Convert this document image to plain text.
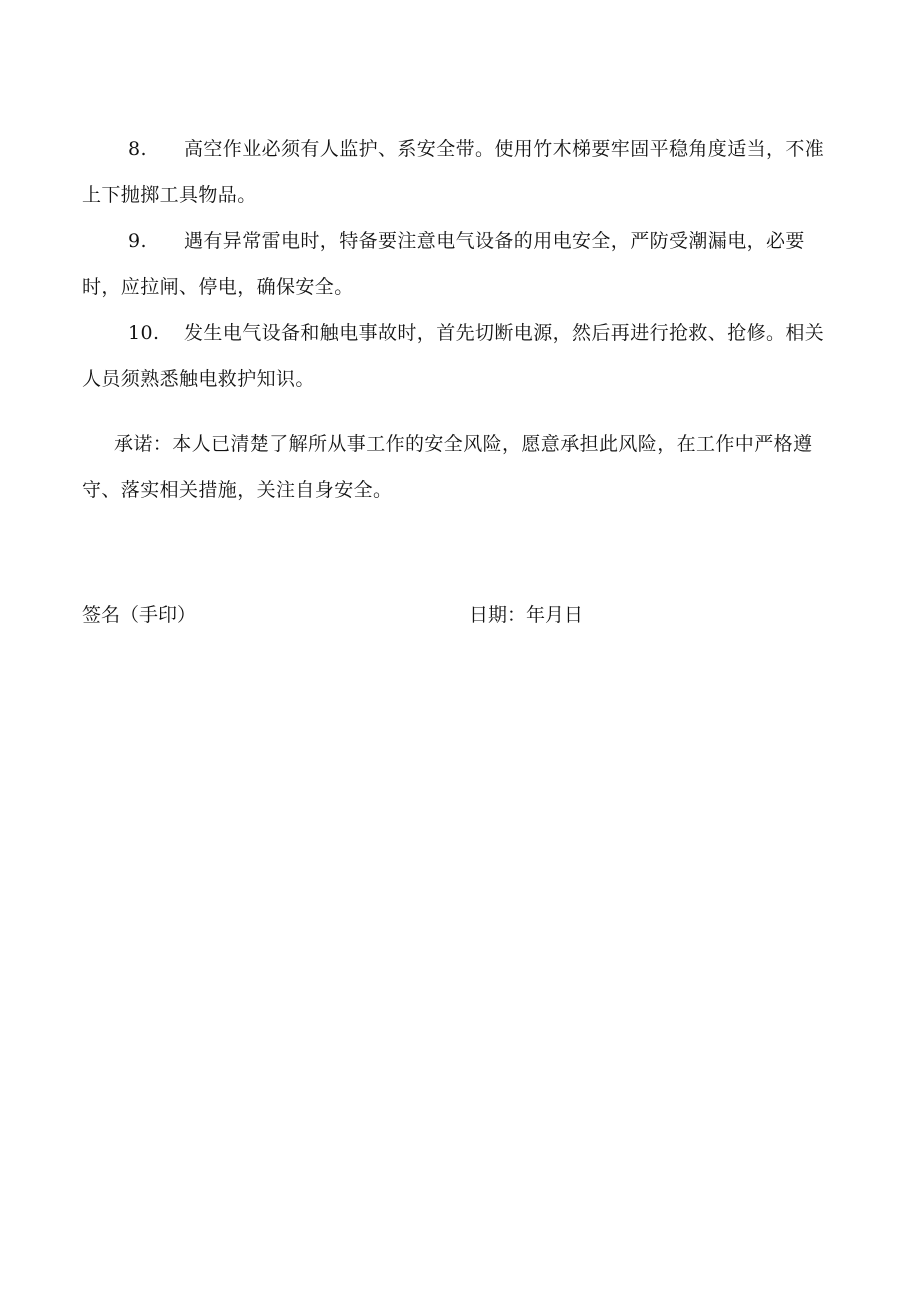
8. 高空作业必须有人监护、系安全带。使用竹木梯要牢固平稳角度适当，不准上下抛掷工具物品。

9. 遇有异常雷电时，特备要注意电气设备的用电安全，严防受潮漏电，必要时，应拉闸、停电，确保安全。

10. 发生电气设备和触电事故时，首先切断电源，然后再进行抢救、抢修。相关人员须熟悉触电救护知识。

承诺：本人已清楚了解所从事工作的安全风险，愿意承担此风险，在工作中严格遵守、落实相关措施，关注自身安全。

签名（手印）	日期：年月日
